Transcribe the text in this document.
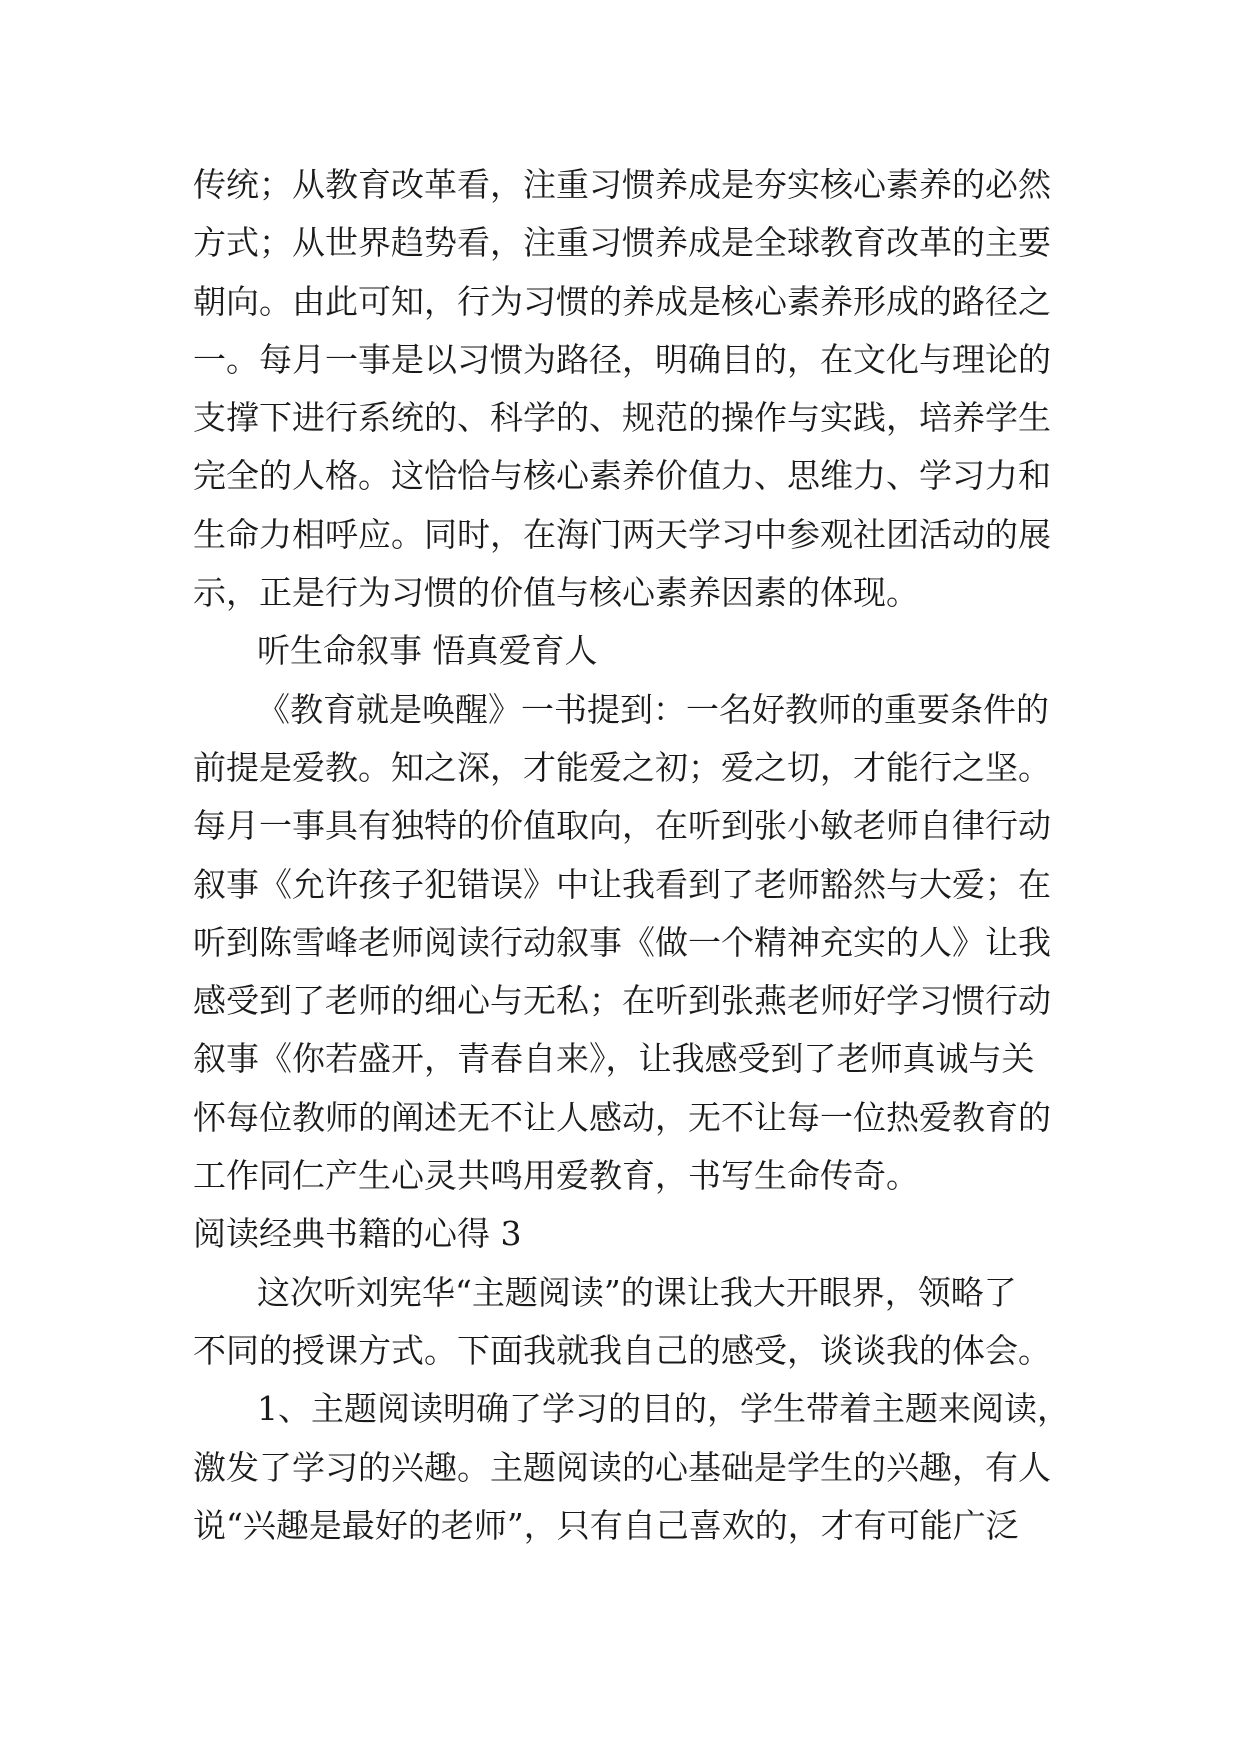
传统；从教育改革看，注重习惯养成是夯实核心素养的必然
方式；从世界趋势看，注重习惯养成是全球教育改革的主要
朝向。由此可知，行为习惯的养成是核心素养形成的路径之
一。每月一事是以习惯为路径，明确目的，在文化与理论的
支撑下进行系统的、科学的、规范的操作与实践，培养学生
完全的人格。这恰恰与核心素养价值力、思维力、学习力和
生命力相呼应。同时，在海门两天学习中参观社团活动的展
示，正是行为习惯的价值与核心素养因素的体现。
听生命叙事 悟真爱育人
《教育就是唤醒》一书提到：一名好教师的重要条件的
前提是爱教。知之深，才能爱之初；爱之切，才能行之坚。
每月一事具有独特的价值取向，在听到张小敏老师自律行动
叙事《允许孩子犯错误》中让我看到了老师豁然与大爱；在
听到陈雪峰老师阅读行动叙事《做一个精神充实的人》让我
感受到了老师的细心与无私；在听到张燕老师好学习惯行动
叙事《你若盛开，青春自来》，让我感受到了老师真诚与关
怀每位教师的阐述无不让人感动，无不让每一位热爱教育的
工作同仁产生心灵共鸣用爱教育，书写生命传奇。
阅读经典书籍的心得 3
这次听刘宪华“主题阅读”的课让我大开眼界，领略了
不同的授课方式。下面我就我自己的感受，谈谈我的体会。
1、主题阅读明确了学习的目的，学生带着主题来阅读，
激发了学习的兴趣。主题阅读的心基础是学生的兴趣，有人
说“兴趣是最好的老师”，只有自己喜欢的，才有可能广泛
